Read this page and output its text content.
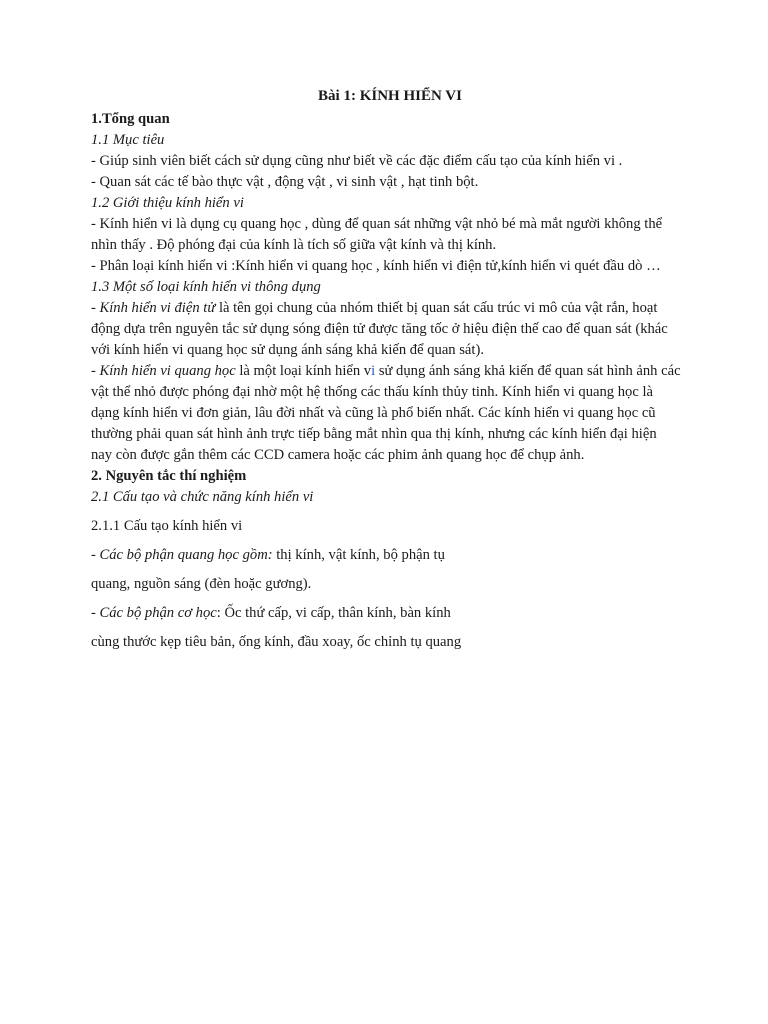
Bài 1: KÍNH HIỂN VI
1.Tổng quan
1.1 Mục tiêu
- Giúp sinh viên biết cách sử dụng cũng như biết về các đặc điểm cấu tạo của kính hiển vi .
- Quan sát các tế bào thực vật , động vật , vi sinh vật , hạt tinh bột.
1.2 Giới thiệu kính hiển vi
- Kính hiển vi là dụng cụ quang học , dùng để quan sát những vật nhỏ bé mà mắt người không thể nhìn thấy . Độ phóng đại của kính là tích số giữa vật kính và thị kính.
- Phân loại kính hiển vi :Kính hiển vi quang học , kính hiển vi điện tử,kính hiển vi quét đầu dò …
1.3 Một số loại kính hiển vi thông dụng
- Kính hiển vi điện tử là tên gọi chung của nhóm thiết bị quan sát cấu trúc vi mô của vật rắn, hoạt động dựa trên nguyên tắc sử dụng sóng điện tử được tăng tốc ở hiệu điện thế cao để quan sát (khác với kính hiển vi quang học sử dụng ánh sáng khả kiến để quan sát).
- Kính hiển vi quang học là một loại kính hiển vi sử dụng ánh sáng khả kiến để quan sát hình ảnh các vật thể nhỏ được phóng đại nhờ một hệ thống các thấu kính thủy tinh. Kính hiển vi quang học là dạng kính hiển vi đơn giản, lâu đời nhất và cũng là phổ biến nhất. Các kính hiển vi quang học cũ thường phải quan sát hình ảnh trực tiếp bằng mắt nhìn qua thị kính, nhưng các kính hiển đại hiện nay còn được gắn thêm các CCD camera hoặc các phim ảnh quang học để chụp ảnh.
2. Nguyên tắc thí nghiệm
2.1 Cấu tạo và chức năng kính hiển vi
2.1.1 Cấu tạo kính hiển vi
- Các bộ phận quang học gồm: thị kính, vật kính, bộ phận tụ
quang, nguồn sáng (đèn hoặc gương).
- Các bộ phận cơ học: Ốc thứ cấp, vi cấp, thân kính, bàn kính
cùng thước kẹp tiêu bản, ống kính, đầu xoay, ốc chỉnh tụ quang
